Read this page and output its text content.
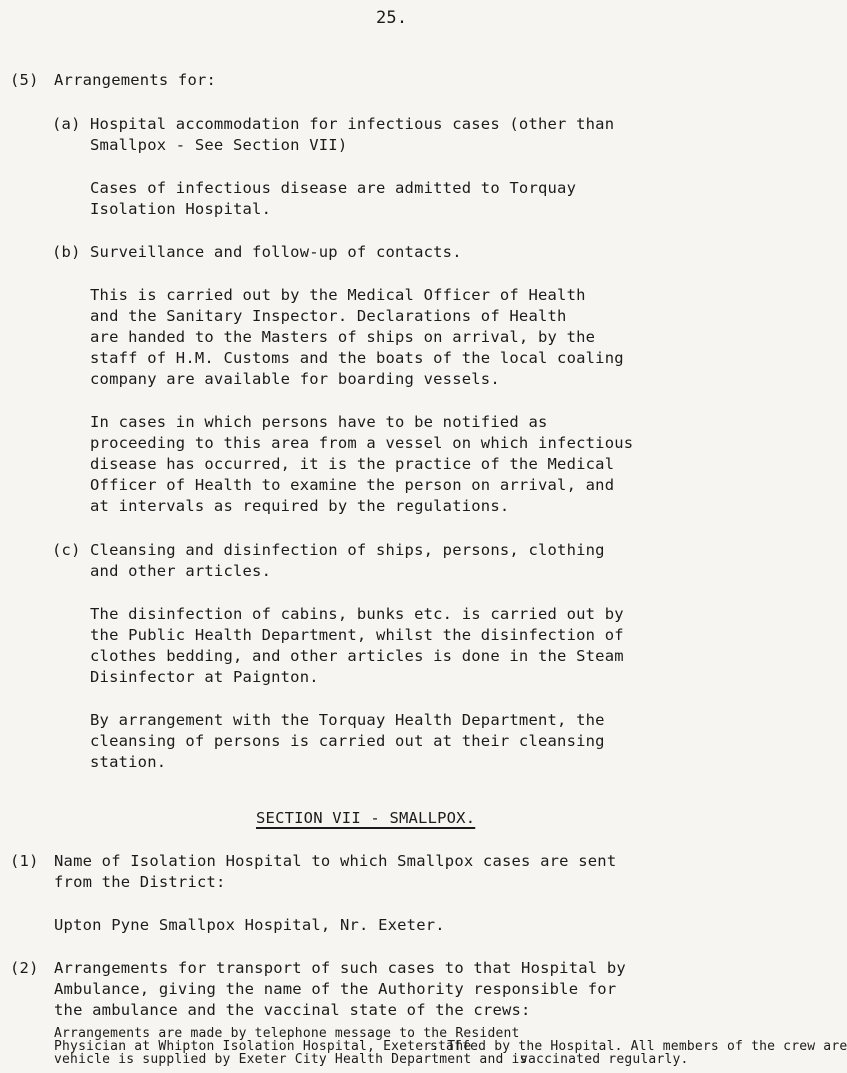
25.
(5) Arrangements for:
(a) Hospital accommodation for infectious cases (other than
Smallpox - See Section VII)
Cases of infectious disease are admitted to Torquay
Isolation Hospital.
(b) Surveillance and follow-up of contacts.
This is carried out by the Medical Officer of Health
and the Sanitary Inspector. Declarations of Health
are handed to the Masters of ships on arrival, by the
staff of H.M. Customs and the boats of the local coaling
company are available for boarding vessels.
In cases in which persons have to be notified as
proceeding to this area from a vessel on which infectious
disease has occurred, it is the practice of the Medical
Officer of Health to examine the person on arrival, and
at intervals as required by the regulations.
(c) Cleansing and disinfection of ships, persons, clothing
and other articles.
The disinfection of cabins, bunks etc. is carried out by
the Public Health Department, whilst the disinfection of
clothes bedding, and other articles is done in the Steam
Disinfector at Paignton.
By arrangement with the Torquay Health Department, the
cleansing of persons is carried out at their cleansing
station.
SECTION VII - SMALLPOX.
(1) Name of Isolation Hospital to which Smallpox cases are sent
from the District:
Upton Pyne Smallpox Hospital, Nr. Exeter.
(2) Arrangements for transport of such cases to that Hospital by
Ambulance, giving the name of the Authority responsible for
the ambulance and the vaccinal state of the crews:
Arrangements are made by telephone message to the Resident
Physician at Whipton Isolation Hospital, Exeter. The
vehicle is supplied by Exeter City Health Department and is
staffed by the Hospital. All members of the crew are
vaccinated regularly.
